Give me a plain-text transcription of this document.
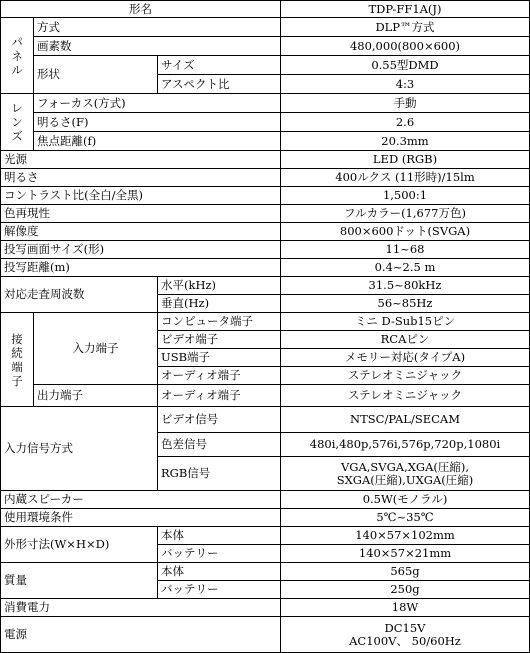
形名			TDP-FF1A(J)
パネル	方式		DLP™方式
	画素数		480,000(800×600)
	形状	サイズ	0.55型DMD
		アスペクト比	4:3
レンズ	フォーカス(方式)		手動
	明るさ(F)		2.6
	焦点距離(f)		20.3mm
光源			LED (RGB)
明るさ			400ルクス (11形時)/15lm
コントラスト比(全白/全黒)			1,500:1
色再現性			フルカラー(1,677万色)
解像度			800×600ドット(SVGA)
投写画面サイズ(形)			11~68
投写距離(m)			0.4~2.5 m
対応走査周波数		水平(kHz)	31.5~80kHz
		垂直(Hz)	56~85Hz
接続端子	入力端子	コンピュータ端子	ミニ D-Sub15ピン
		ビデオ端子	RCAピン
		USB端子	メモリー対応(タイプA)
		オーディオ端子	ステレオミニジャック
	出力端子	オーディオ端子	ステレオミニジャック
入力信号方式		ビデオ信号	NTSC/PAL/SECAM
		色差信号	480i,480p,576i,576p,720p,1080i
		RGB信号	VGA,SVGA,XGA(圧縮),
SXGA(圧縮),UXGA(圧縮)

内蔵スピーカー			0.5W(モノラル)
使用環境条件			5℃~35℃
外形寸法(W×H×D)		本体	140×57×102mm
		バッテリー	140×57×21mm
質量		本体	565g
		バッテリー	250g
消費電力			18W
電源			DC15V
AC100V、 50/60Hz
